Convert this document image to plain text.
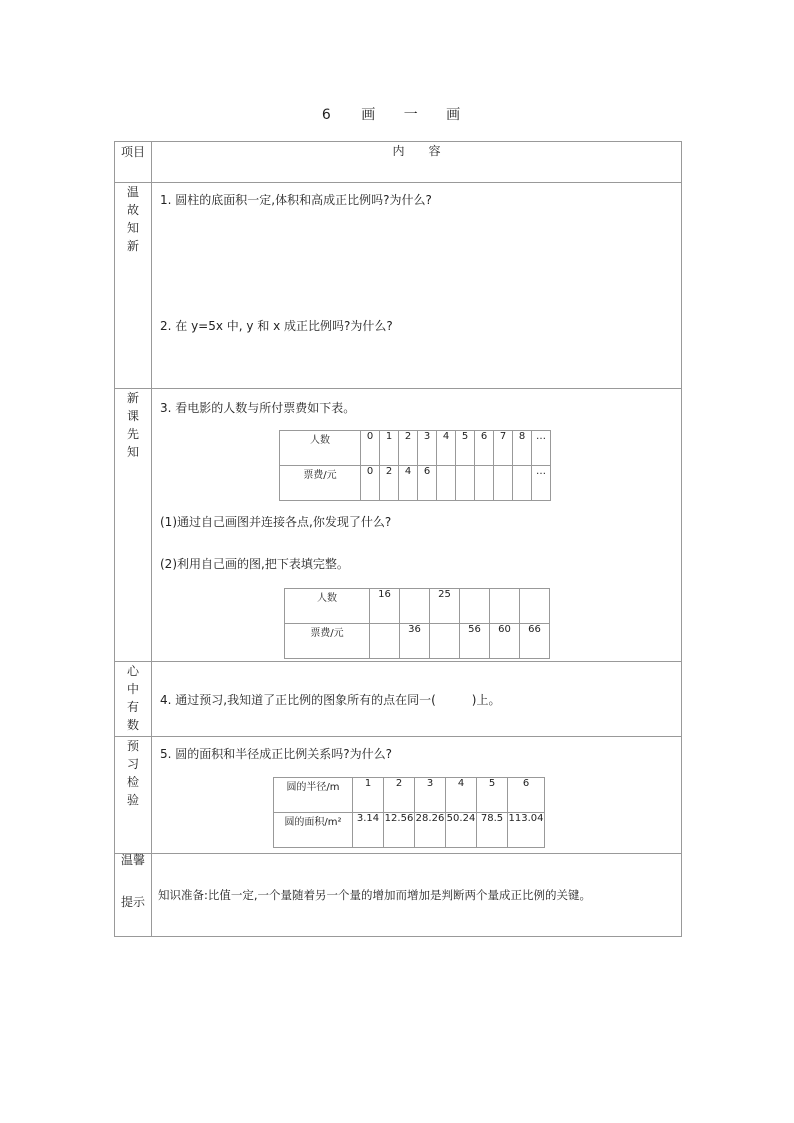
6 画 一 画
项目	内　　容
温故知新	

1. 圆柱的底面积一定,体积和高成正比例吗?为什么?

2. 在 y=5x 中, y 和 x 成正比例吗?为什么?

新课先知	

3. 看电影的人数与所付票费如下表。

人数	0	1	2	3	4	5	6	7	8	…
票费/元	0	2	4	6						…

(1)通过自己画图并连接各点,你发现了什么?

(2)利用自己画的图,把下表填完整。

人数	16		25			
票费/元		36		56	60	66

心中有数	

4. 通过预习,我知道了正比例的图象所有的点在同一(　　　)上。

预习检验	

5. 圆的面积和半径成正比例关系吗?为什么?

圆的半径/m	1	2	3	4	5	6
圆的面积/m²	3.14	12.56	28.26	50.24	78.5	113.04

温馨
提示	知识准备:比值一定,一个量随着另一个量的增加而增加是判断两个量成正比例的关键。
